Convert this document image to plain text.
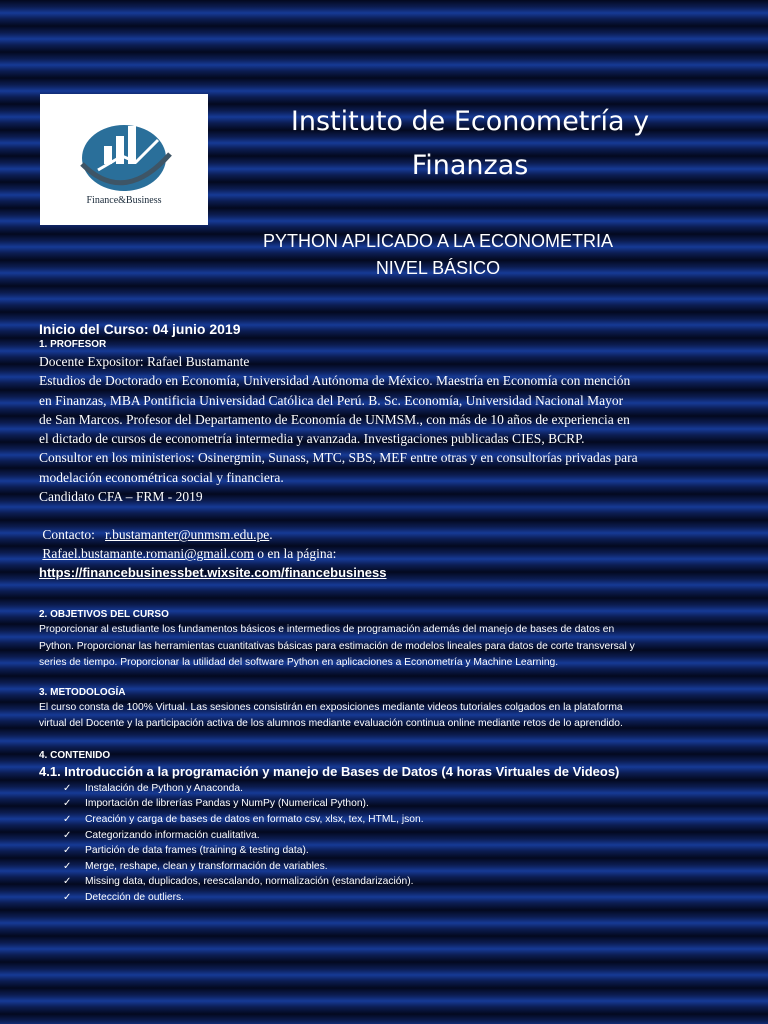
Finance&Business
Instituto de Econometría y
Finanzas
PYTHON APLICADO A LA ECONOMETRIA
NIVEL BÁSICO

Inicio del Curso: 04 junio 2019

1. PROFESOR

Docente Expositor: Rafael Bustamante

Estudios de Doctorado en Economía, Universidad Autónoma de México. Maestría en Economía con mención

en Finanzas, MBA Pontificia Universidad Católica del Perú. B. Sc. Economía, Universidad Nacional Mayor

de San Marcos. Profesor del Departamento de Economía de UNMSM., con más de 10 años de experiencia en

el dictado de cursos de econometría intermedia y avanzada. Investigaciones publicadas CIES, BCRP.

Consultor en los ministerios: Osinergmin, Sunass, MTC, SBS, MEF entre otras y en consultorías privadas para

modelación econométrica social y financiera.

Candidato CFA – FRM - 2019

Contacto: r.bustamanter@unmsm.edu.pe.

Rafael.bustamante.romani@gmail.com o en la página:

https://financebusinessbet.wixsite.com/financebusiness

2. OBJETIVOS DEL CURSO

Proporcionar al estudiante los fundamentos básicos e intermedios de programación además del manejo de bases de datos en

Python. Proporcionar las herramientas cuantitativas básicas para estimación de modelos lineales para datos de corte transversal y

series de tiempo. Proporcionar la utilidad del software Python en aplicaciones a Econometría y Machine Learning.

3. METODOLOGÍA

El curso consta de 100% Virtual. Las sesiones consistirán en exposiciones mediante videos tutoriales colgados en la plataforma

virtual del Docente y la participación activa de los alumnos mediante evaluación continua online mediante retos de lo aprendido.

4. CONTENIDO

4.1. Introducción a la programación y manejo de Bases de Datos (4 horas Virtuales de Videos)

✓ Instalación de Python y Anaconda.
✓ Importación de librerías Pandas y NumPy (Numerical Python).
✓ Creación y carga de bases de datos en formato csv, xlsx, tex, HTML, json.
✓ Categorizando información cualitativa.
✓ Partición de data frames (training & testing data).
✓ Merge, reshape, clean y transformación de variables.
✓ Missing data, duplicados, reescalando, normalización (estandarización).
✓ Detección de outliers.
